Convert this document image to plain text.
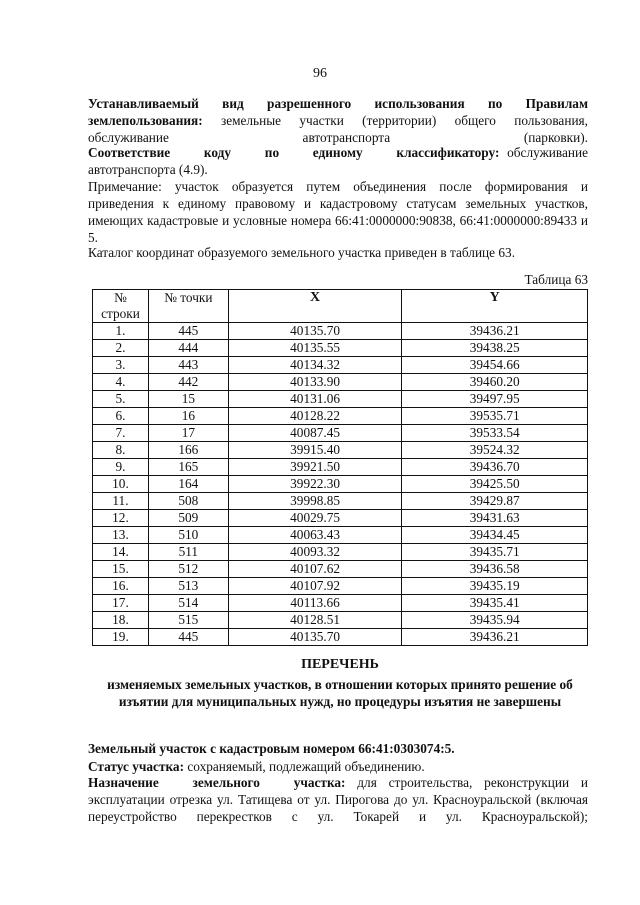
96
Устанавливаемый вид разрешенного использования по Правилам землепользования: земельные участки (территории) общего пользования, обслуживание автотранспорта (парковки).
Соответствие коду по единому классификатору: обслуживание автотранспорта (4.9).
Примечание: участок образуется путем объединения после формирования и приведения к единому правовому и кадастровому статусам земельных участков, имеющих кадастровые и условные номера 66:41:0000000:90838, 66:41:0000000:89433 и 5.
Каталог координат образуемого земельного участка приведен в таблице 63.
Таблица 63
№
строки	№ точки	X	Y

1.	445	40135.70	39436.21
2.	444	40135.55	39438.25
3.	443	40134.32	39454.66
4.	442	40133.90	39460.20
5.	15	40131.06	39497.95
6.	16	40128.22	39535.71
7.	17	40087.45	39533.54
8.	166	39915.40	39524.32
9.	165	39921.50	39436.70
10.	164	39922.30	39425.50
11.	508	39998.85	39429.87
12.	509	40029.75	39431.63
13.	510	40063.43	39434.45
14.	511	40093.32	39435.71
15.	512	40107.62	39436.58
16.	513	40107.92	39435.19
17.	514	40113.66	39435.41
18.	515	40128.51	39435.94
19.	445	40135.70	39436.21
ПЕРЕЧЕНЬ
изменяемых земельных участков, в отношении которых принято решение об изъятии для муниципальных нужд, но процедуры изъятия не завершены
Земельный участок с кадастровым номером 66:41:0303074:5.
Статус участка: сохраняемый, подлежащий объединению.
Назначение земельного участка: для строительства, реконструкции и эксплуатации отрезка ул. Татищева от ул. Пирогова до ул. Красноуральской (включая переустройство перекрестков с ул. Токарей и ул. Красноуральской);
